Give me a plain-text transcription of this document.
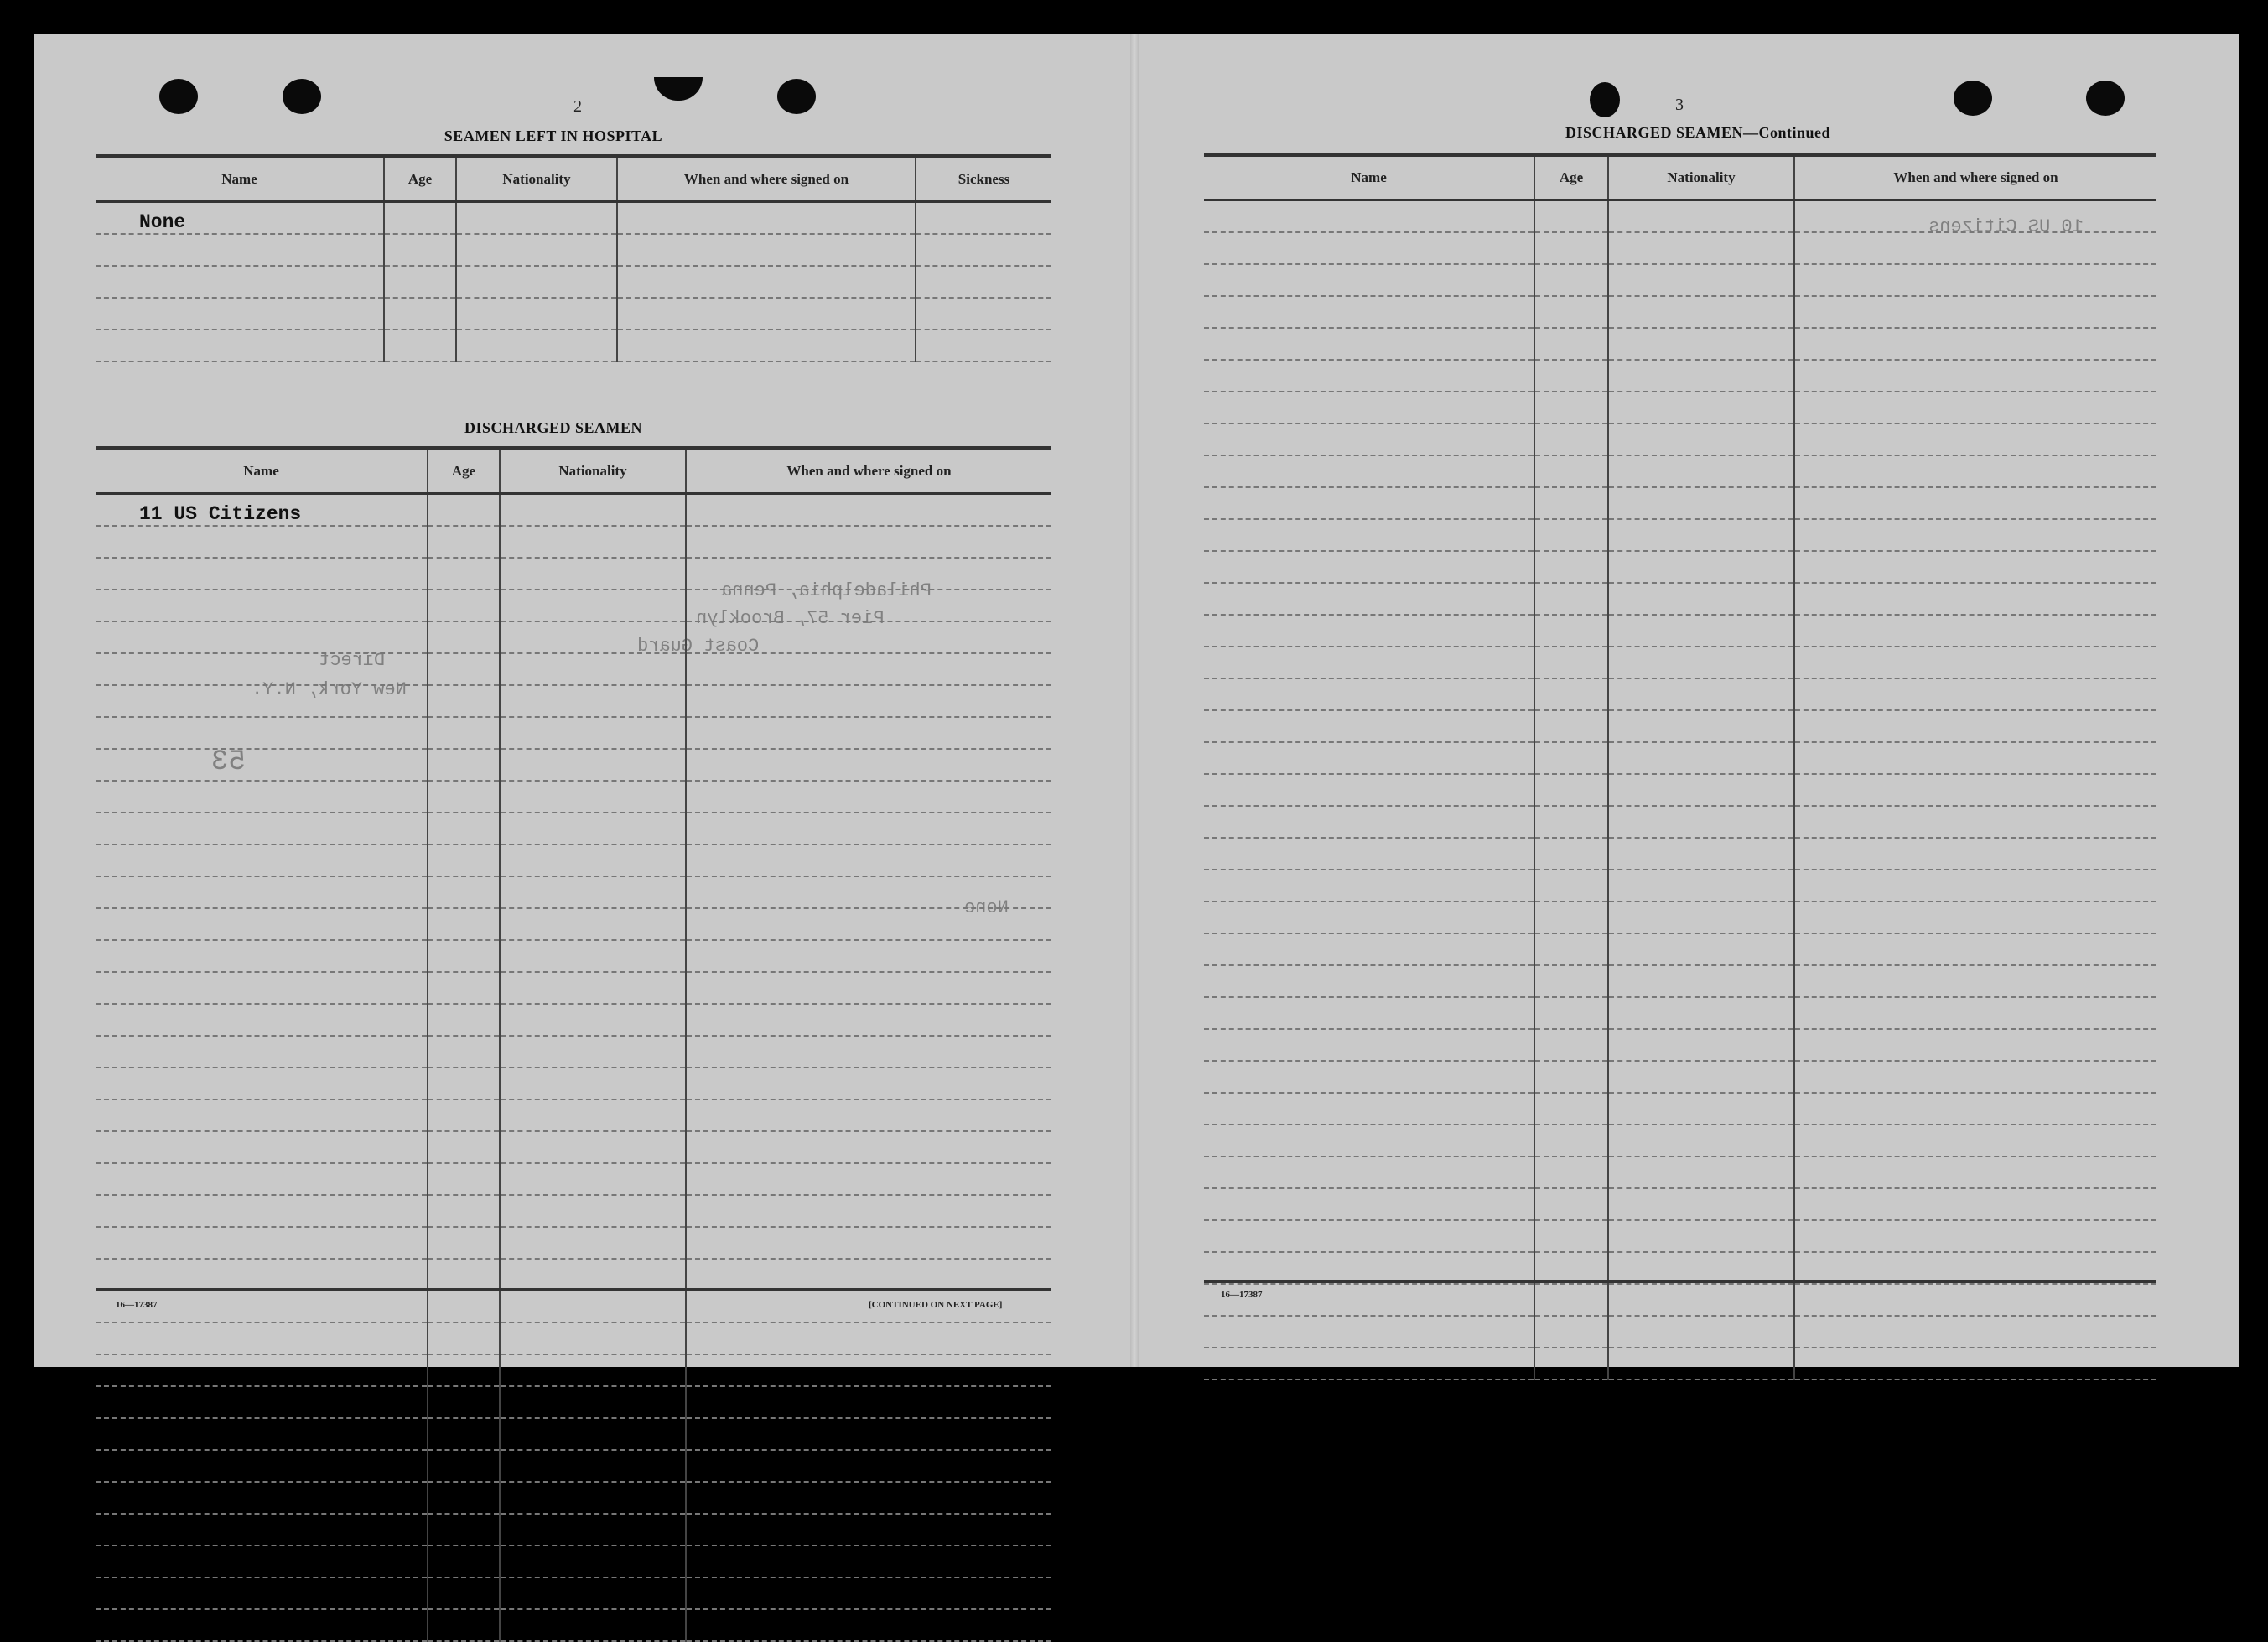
Philadelphia, Penna
Pier 57, Brooklyn
Coast Guard
Direct
New York, N.Y.
None
10 US Citizens
53
2
SEAMEN LEFT IN HOSPITAL
Name	Age	Nationality	When and where signed on	Sickness
None				

DISCHARGED SEAMEN
Name	Age	Nationality	When and where signed on
11 US Citizens			

16—17387	[CONTINUED ON NEXT PAGE]
3
DISCHARGED SEAMEN—Continued
Name	Age	Nationality	When and where signed on

16—17387
